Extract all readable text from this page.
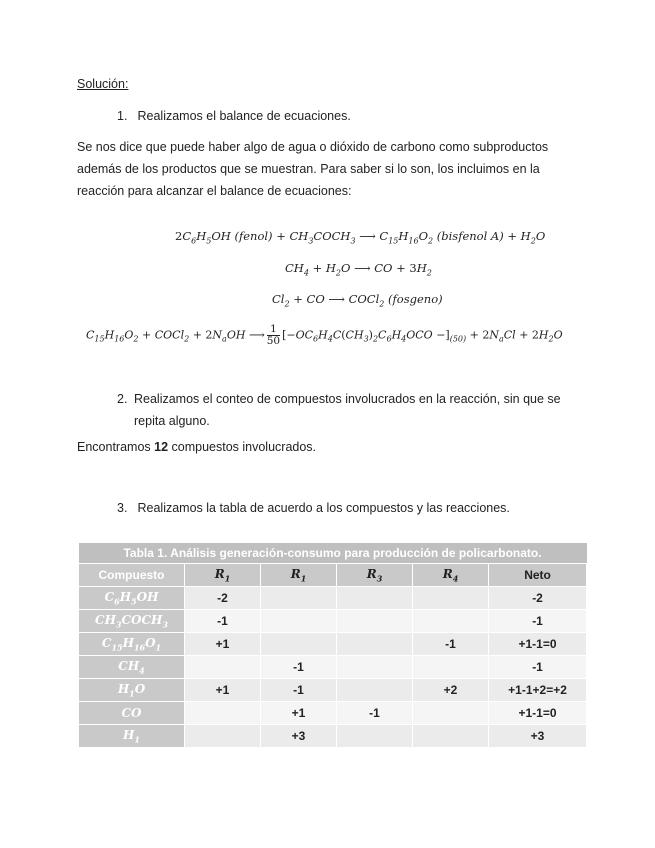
Solución:
1. Realizamos el balance de ecuaciones.
Se nos dice que puede haber algo de agua o dióxido de carbono como subproductos
además de los productos que se muestran. Para saber si lo son, los incluimos en la
reacción para alcanzar el balance de ecuaciones:
$2C_6H_5OH$ (fenol) + $CH_3COCH_3$ ⟶ $C_{15}H_{16}O_2$ (bisfenol $A) + H_2O$
$CH_4 + H_2O$ ⟶ CO + $3H_2$
$Cl_2$ + CO ⟶ COCl$_2$ (fosgeno)
$C_{15}H_{16}O_2$ + COCl$_2$ + $2N_aOH$ ⟶ $\frac{1}{50} [-OC_6H_4C(CH_3)_2C_6H_4OCO -]_{(50)} + 2N_aCl + 2H_2O$
2. Realizamos el conteo de compuestos involucrados en la reacción, sin que se repita alguno.
Encontramos 12 compuestos involucrados.
3. Realizamos la tabla de acuerdo a los compuestos y las reacciones.
Tabla 1. Análisis generación-consumo para producción de policarbonato.					
Compuesto	$R_1$	$R_1$	$R_3$	$R_4$	Neto
$C_6H_5OH$	-2				-2
$CH_3COCH_3$	-1				-1
$C_{15}H_{16}O_1$	+1			-1	+1-1=0
$CH_4$		-1			-1
$H_1O$	+1	-1		+2	+1-1+2=+2
CO		+1	-1		+1-1=0
$H_1$		+3			+3
